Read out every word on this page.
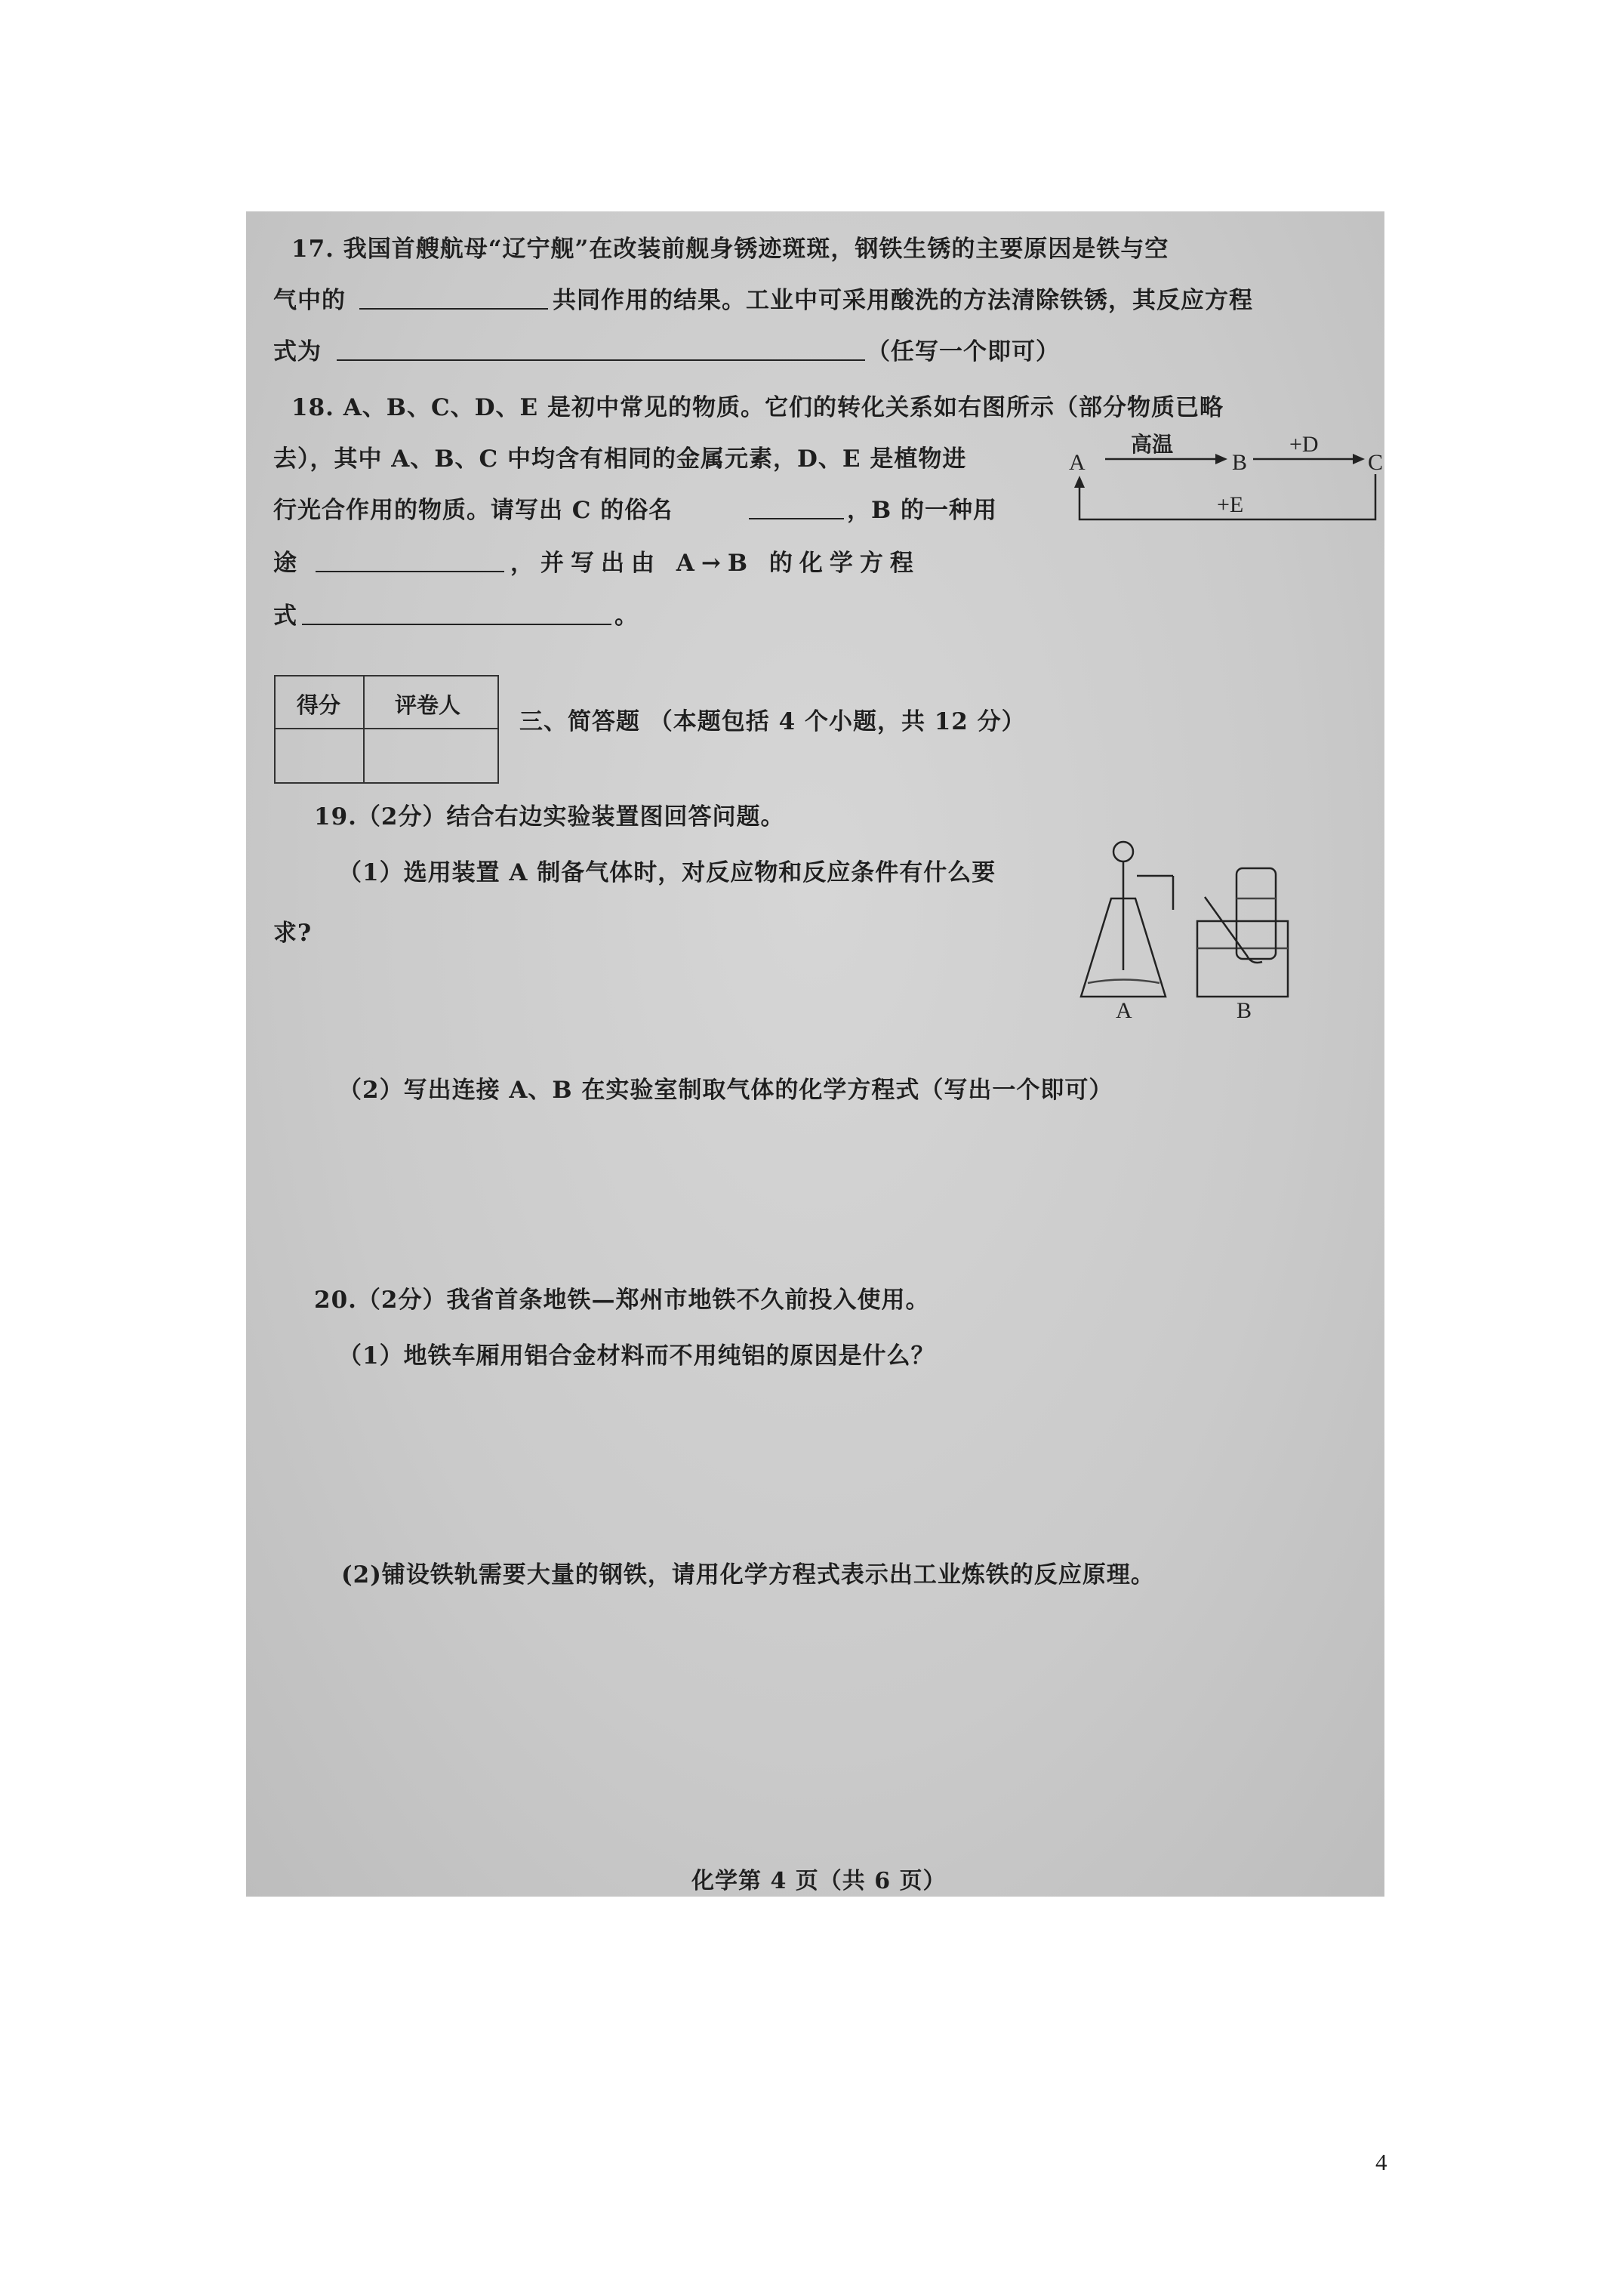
17. 我国首艘航母“辽宁舰”在改装前舰身锈迹斑斑，钢铁生锈的主要原因是铁与空
气中的	共同作用的结果。工业中可采用酸洗的方法清除铁锈，其反应方程
式为	（任写一个即可）
18. A、B、C、D、E 是初中常见的物质。它们的转化关系如右图所示（部分物质已略
去），其中 A、B、C 中均含有相同的金属元素，D、E 是植物进
行光合作用的物质。请写出 C 的俗名	，B 的一种用
途	，并写出由 A→B 的化学方程
式	。
A	B	C
高温	+D
+E
得分 评卷人
三、简答题 （本题包括 4 个小题，共 12 分）
19.（2分）结合右边实验装置图回答问题。
（1）选用装置 A 制备气体时，对反应物和反应条件有什么要
求?
（2）写出连接 A、B 在实验室制取气体的化学方程式（写出一个即可）
A	B
20.（2分）我省首条地铁—郑州市地铁不久前投入使用。
（1）地铁车厢用铝合金材料而不用纯铝的原因是什么？
(2)铺设铁轨需要大量的钢铁，请用化学方程式表示出工业炼铁的反应原理。
化学第 4 页（共 6 页）
4
